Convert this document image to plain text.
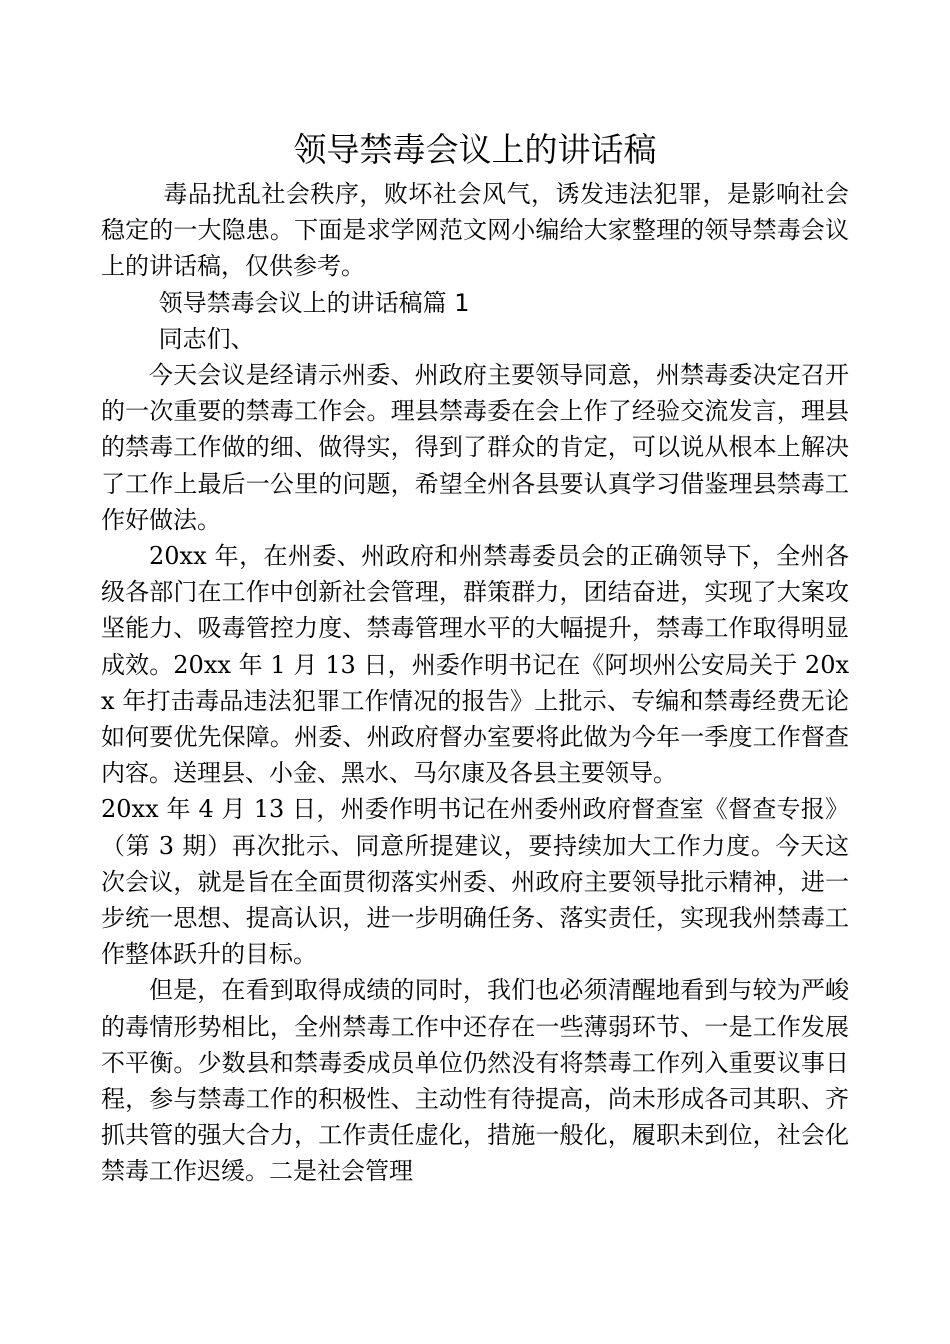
领导禁毒会议上的讲话稿

毒品扰乱社会秩序，败坏社会风气，诱发违法犯罪，是影响社会稳定的一大隐患。下面是求学网范文网小编给大家整理的领导禁毒会议上的讲话稿，仅供参考。

领导禁毒会议上的讲话稿篇 1

同志们、

今天会议是经请示州委、州政府主要领导同意，州禁毒委决定召开的一次重要的禁毒工作会。理县禁毒委在会上作了经验交流发言，理县的禁毒工作做的细、做得实，得到了群众的肯定，可以说从根本上解决了工作上最后一公里的问题，希望全州各县要认真学习借鉴理县禁毒工作好做法。

20xx 年，在州委、州政府和州禁毒委员会的正确领导下，全州各级各部门在工作中创新社会管理，群策群力，团结奋进，实现了大案攻坚能力、吸毒管控力度、禁毒管理水平的大幅提升，禁毒工作取得明显成效。20xx 年 1 月 13 日，州委作明书记在《阿坝州公安局关于 20xx 年打击毒品违法犯罪工作情况的报告》上批示、专编和禁毒经费无论如何要优先保障。州委、州政府督办室要将此做为今年一季度工作督查内容。送理县、小金、黑水、马尔康及各县主要领导。

20xx 年 4 月 13 日，州委作明书记在州委州政府督查室《督查专报》（第 3 期）再次批示、同意所提建议，要持续加大工作力度。今天这次会议，就是旨在全面贯彻落实州委、州政府主要领导批示精神，进一步统一思想、提高认识，进一步明确任务、落实责任，实现我州禁毒工作整体跃升的目标。

但是，在看到取得成绩的同时，我们也必须清醒地看到与较为严峻的毒情形势相比，全州禁毒工作中还存在一些薄弱环节、一是工作发展不平衡。少数县和禁毒委成员单位仍然没有将禁毒工作列入重要议事日程，参与禁毒工作的积极性、主动性有待提高，尚未形成各司其职、齐抓共管的强大合力，工作责任虚化，措施一般化，履职未到位，社会化禁毒工作迟缓。二是社会管理
